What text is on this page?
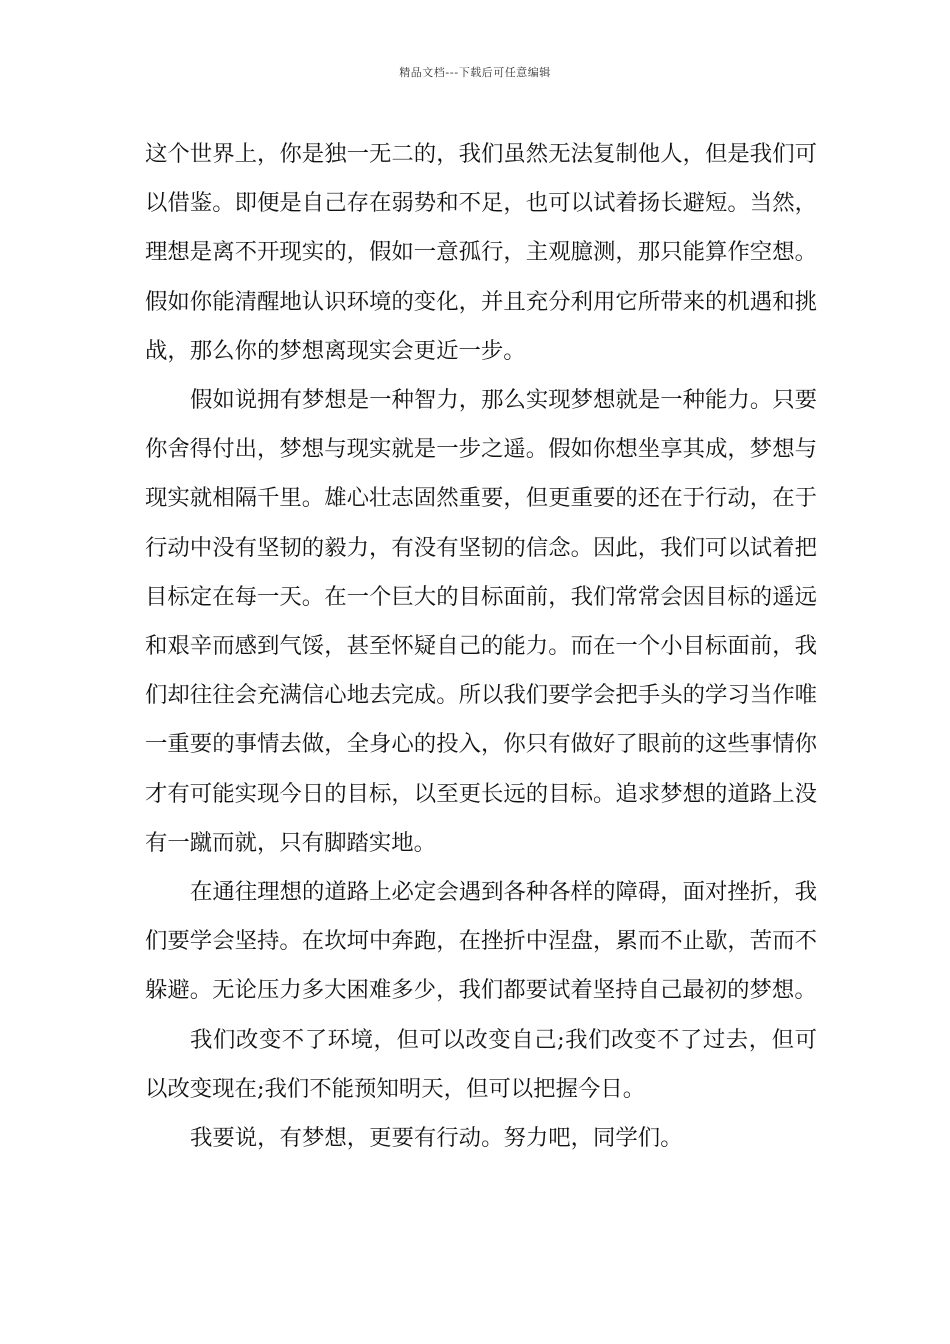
精品文档---下载后可任意编辑

这个世界上，你是独一无二的，我们虽然无法复制他人，但是我们可以借鉴。即便是自己存在弱势和不足，也可以试着扬长避短。当然，理想是离不开现实的，假如一意孤行，主观臆测，那只能算作空想。假如你能清醒地认识环境的变化，并且充分利用它所带来的机遇和挑战，那么你的梦想离现实会更近一步。

假如说拥有梦想是一种智力，那么实现梦想就是一种能力。只要你舍得付出，梦想与现实就是一步之遥。假如你想坐享其成，梦想与现实就相隔千里。雄心壮志固然重要，但更重要的还在于行动，在于行动中没有坚韧的毅力，有没有坚韧的信念。因此，我们可以试着把目标定在每一天。在一个巨大的目标面前，我们常常会因目标的遥远和艰辛而感到气馁，甚至怀疑自己的能力。而在一个小目标面前，我们却往往会充满信心地去完成。所以我们要学会把手头的学习当作唯一重要的事情去做，全身心的投入，你只有做好了眼前的这些事情你才有可能实现今日的目标，以至更长远的目标。追求梦想的道路上没有一蹴而就，只有脚踏实地。

在通往理想的道路上必定会遇到各种各样的障碍，面对挫折，我们要学会坚持。在坎坷中奔跑，在挫折中涅盘，累而不止歇，苦而不躲避。无论压力多大困难多少，我们都要试着坚持自己最初的梦想。

我们改变不了环境，但可以改变自己;我们改变不了过去，但可以改变现在;我们不能预知明天，但可以把握今日。

我要说，有梦想，更要有行动。努力吧，同学们。
